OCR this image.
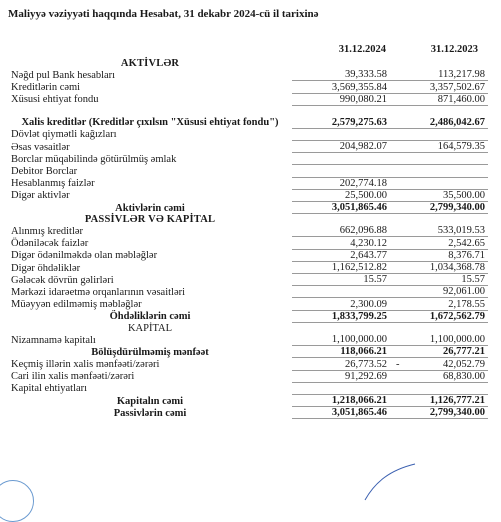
Maliyyə vəziyyəti haqqında Hesabat, 31 dekabr 2024-cü il tarixinə
31.12.2024	31.12.2023
AKTİVLƏR		
Nəğd pul Bank hesabları	39,333.58	113,217.98
Kreditlərin cəmi	3,569,355.84	3,357,502.67
Xüsusi ehtiyat fondu	990,080.21	871,460.00
Xalis kreditlər (Kreditlər çıxılsın "Xüsusi ehtiyat fondu")	2,579,275.63	2,486,042.67
Dövlət qiymətli kağızları		
Əsas vəsaitlər	204,982.07	164,579.35
Borclar müqabilində götürülmüş əmlak		
Debitor Borclar		
Hesablanmış faizlər	202,774.18	
Digər aktivlər	25,500.00	35,500.00
Aktivlərin cəmi	3,051,865.46	2,799,340.00
PASSİVLƏR VƏ KAPİTAL		
Alınmış kreditlər	662,096.88	533,019.53
Ödəniləcək faizlər	4,230.12	2,542.65
Digər ödənilməkdə olan məbləğlər	2,643.77	8,376.71
Digər öhdəliklər	1,162,512.82	1,034,368.78
Gələcək dövrün gəlirləri	15.57	15.57
Mərkəzi idarəetmə orqanlarının vəsaitləri		92,061.00
Müəyyən edilməmiş məbləğlər	2,300.09	2,178.55
Öhdəliklərin cəmi	1,833,799.25	1,672,562.79
KAPİTAL		
Nizamnamə kapitalı	1,100,000.00	1,100,000.00
Bölüşdürülməmiş mənfəət	118,066.21	26,777.21
Keçmiş illərin xalis mənfəəti/zərəri	26,773.52	- 42,052.79
Cari ilin xalis mənfəəti/zərəri	91,292.69	68,830.00
Kapital ehtiyatları		
Kapitalın cəmi	1,218,066.21	1,126,777.21
Passivlərin cəmi	3,051,865.46	2,799,340.00
